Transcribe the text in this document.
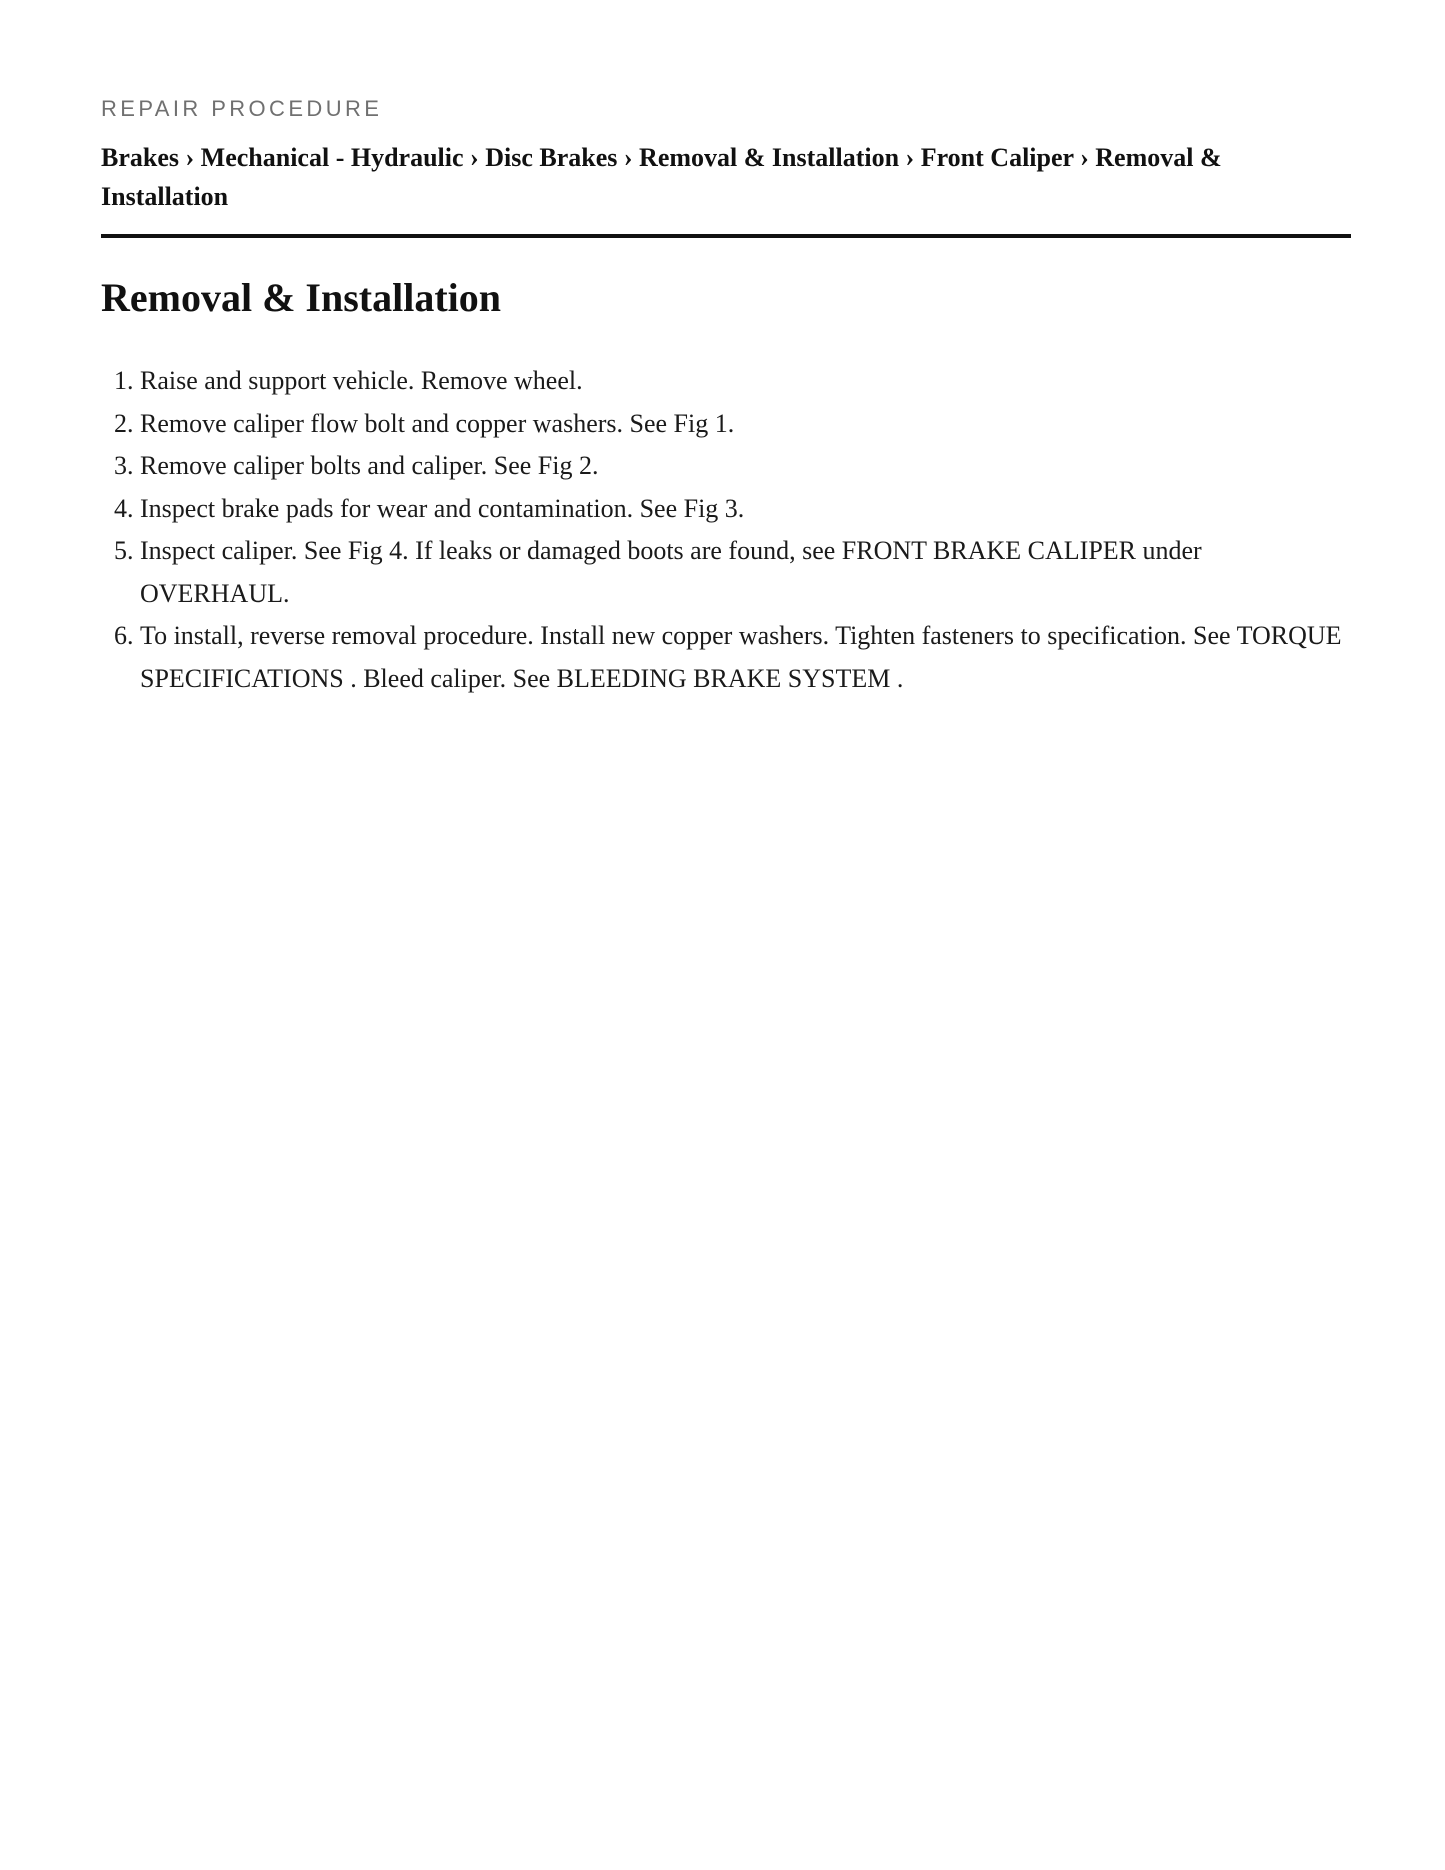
REPAIR PROCEDURE

Brakes › Mechanical - Hydraulic › Disc Brakes › Removal & Installation › Front Caliper › Removal & Installation
Removal & Installation
1. Raise and support vehicle. Remove wheel.
2. Remove caliper flow bolt and copper washers. See Fig 1.
3. Remove caliper bolts and caliper. See Fig 2.
4. Inspect brake pads for wear and contamination. See Fig 3.
5. Inspect caliper. See Fig 4. If leaks or damaged boots are found, see FRONT BRAKE CALIPER under OVERHAUL.
6. To install, reverse removal procedure. Install new copper washers. Tighten fasteners to specification. See TORQUE SPECIFICATIONS . Bleed caliper. See BLEEDING BRAKE SYSTEM .
